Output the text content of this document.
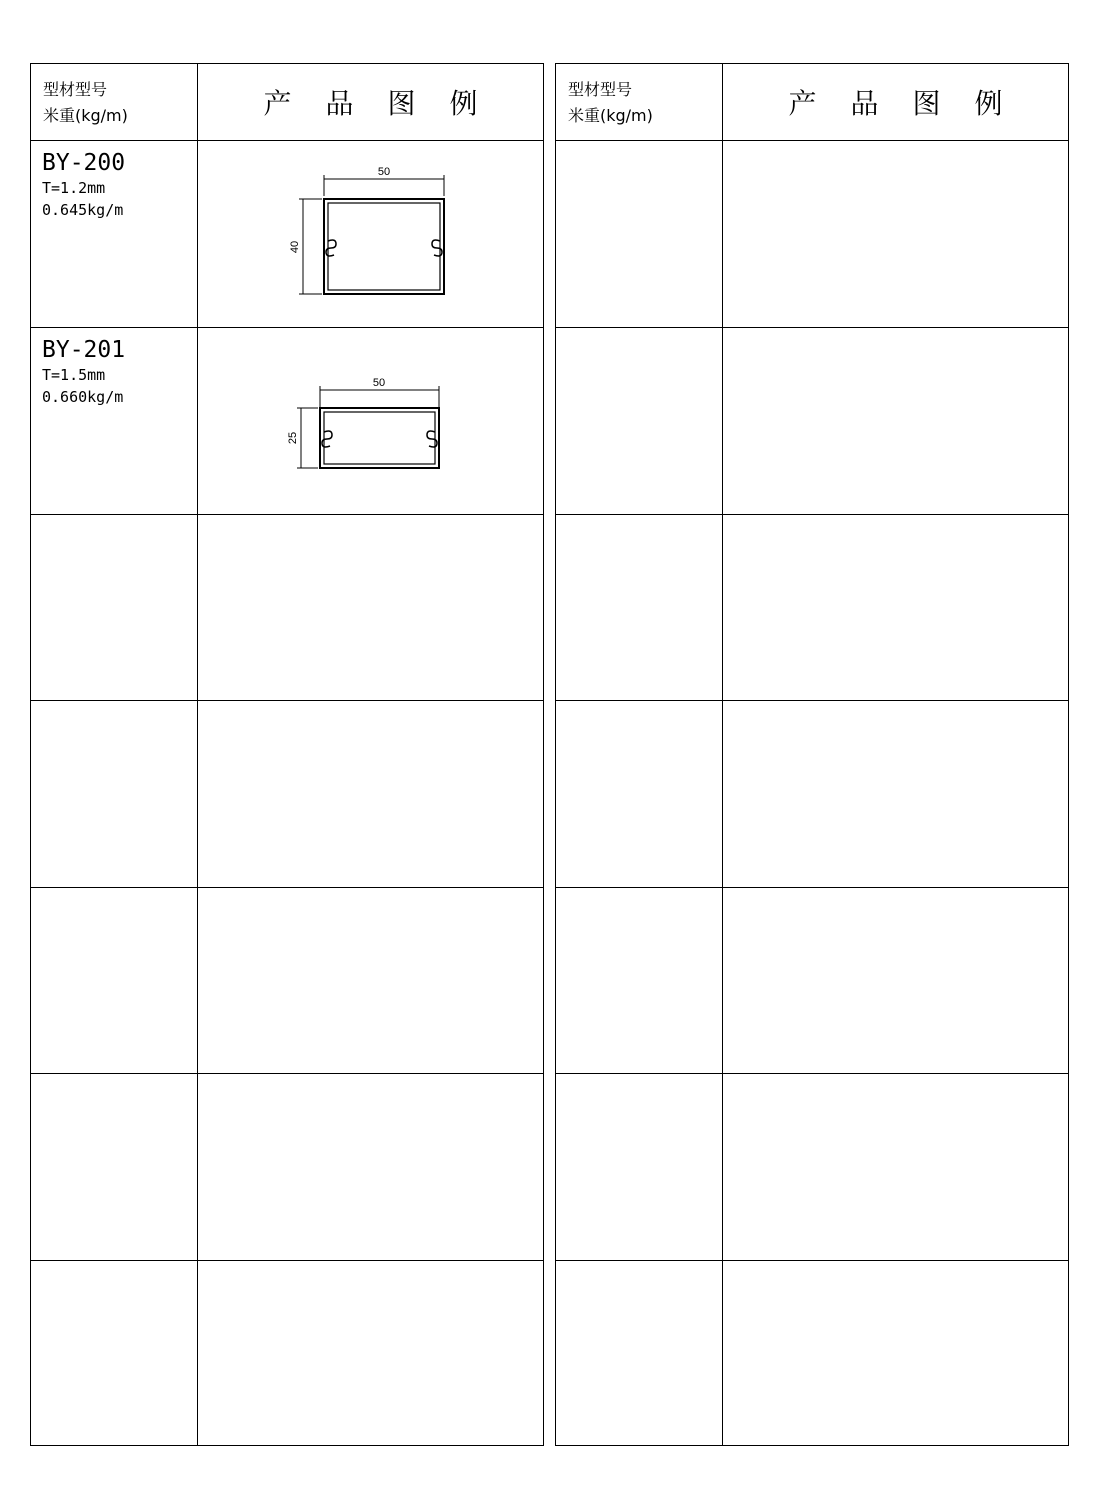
型材型号
米重(kg/m)	产品图例
BY-200
T=1.2mm
0.645kg/m
50
40
BY-201
T=1.5mm
0.660kg/m
50
25
型材型号
米重(kg/m)	产品图例
